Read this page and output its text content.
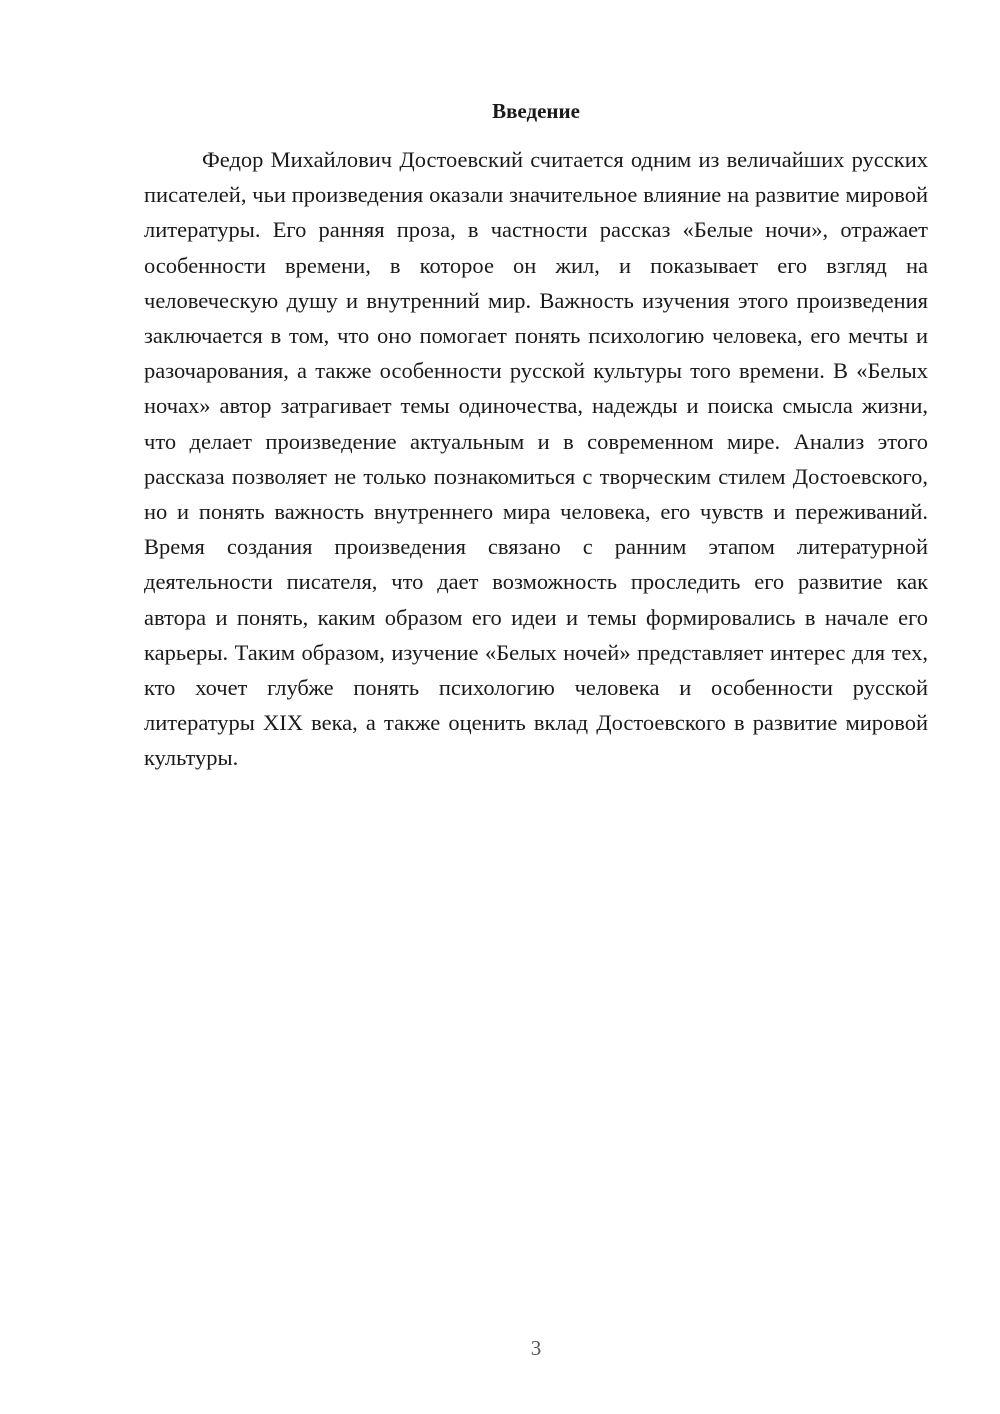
Введение

Федор Михайлович Достоевский считается одним из величайших русских писателей, чьи произведения оказали значительное влияние на развитие мировой литературы. Его ранняя проза, в частности рассказ «Белые ночи», отражает особенности времени, в которое он жил, и показывает его взгляд на человеческую душу и внутренний мир. Важность изучения этого произведения заключается в том, что оно помогает понять психологию человека, его мечты и разочарования, а также особенности русской культуры того времени. В «Белых ночах» автор затрагивает темы одиночества, надежды и поиска смысла жизни, что делает произведение актуальным и в современном мире. Анализ этого рассказа позволяет не только познакомиться с творческим стилем Достоевского, но и понять важность внутреннего мира человека, его чувств и переживаний. Время создания произведения связано с ранним этапом литературной деятельности писателя, что дает возможность проследить его развитие как автора и понять, каким образом его идеи и темы формировались в начале его карьеры. Таким образом, изучение «Белых ночей» представляет интерес для тех, кто хочет глубже понять психологию человека и особенности русской литературы XIX века, а также оценить вклад Достоевского в развитие мировой культуры.

3
